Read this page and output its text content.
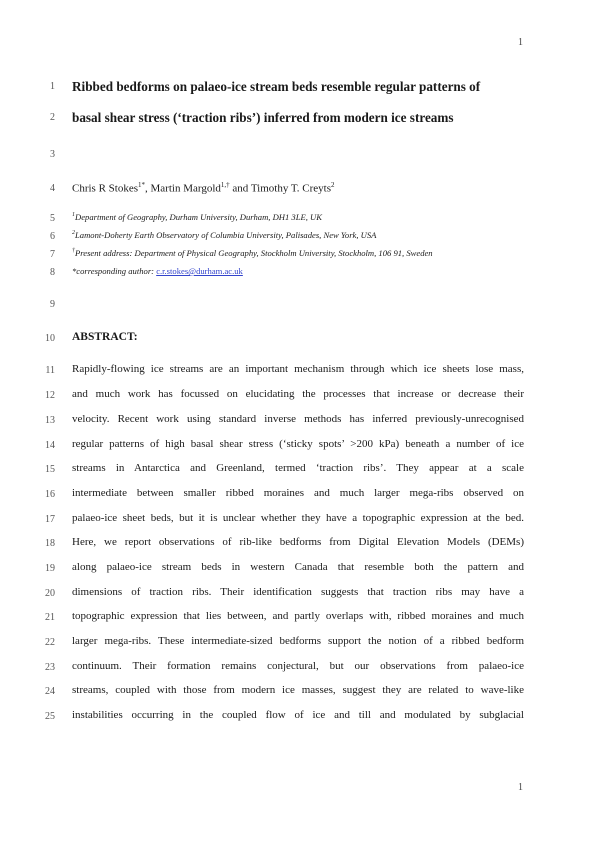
1
1
2
3
4
5
6
7
8
9
10
11
12
13
14
15
16
17
18
19
20
21
22
23
24
25
Ribbed bedforms on palaeo-ice stream beds resemble regular patterns of
basal shear stress (‘traction ribs’) inferred from modern ice streams
Chris R Stokes$^{1*}$, Martin Margold$^{1,\dagger}$ and Timothy T. Creyts$^2$
$^1$Department of Geography, Durham University, Durham, DH1 3LE, UK
$^2$Lamont-Doherty Earth Observatory of Columbia University, Palisades, New York, USA
†Present address: Department of Physical Geography, Stockholm University, Stockholm, 106 91, Sweden
*corresponding author: c.r.stokes@durham.ac.uk
ABSTRACT:
Rapidly-flowing ice streams are an important mechanism through which ice sheets lose mass,
and much work has focussed on elucidating the processes that increase or decrease their
velocity. Recent work using standard inverse methods has inferred previously-unrecognised
regular patterns of high basal shear stress (‘sticky spots’ >200 kPa) beneath a number of ice
streams in Antarctica and Greenland, termed ‘traction ribs’. They appear at a scale
intermediate between smaller ribbed moraines and much larger mega-ribs observed on
palaeo-ice sheet beds, but it is unclear whether they have a topographic expression at the bed.
Here, we report observations of rib-like bedforms from Digital Elevation Models (DEMs)
along palaeo-ice stream beds in western Canada that resemble both the pattern and
dimensions of traction ribs. Their identification suggests that traction ribs may have a
topographic expression that lies between, and partly overlaps with, ribbed moraines and much
larger mega-ribs. These intermediate-sized bedforms support the notion of a ribbed bedform
continuum. Their formation remains conjectural, but our observations from palaeo-ice
streams, coupled with those from modern ice masses, suggest they are related to wave-like
instabilities occurring in the coupled flow of ice and till and modulated by subglacial
1
